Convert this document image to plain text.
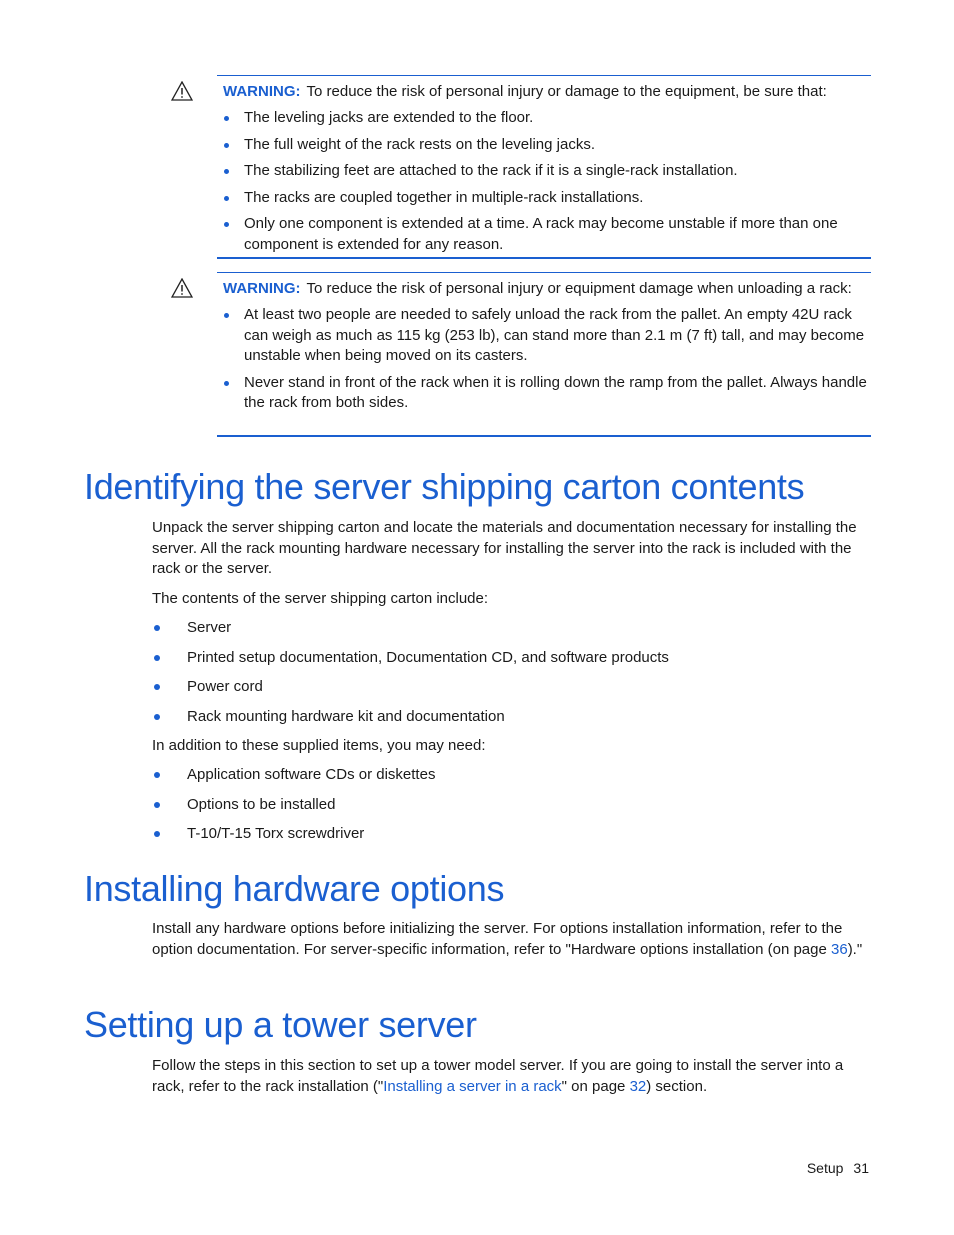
WARNING: To reduce the risk of personal injury or damage to the equipment, be sure that:

The leveling jacks are extended to the floor.
The full weight of the rack rests on the leveling jacks.
The stabilizing feet are attached to the rack if it is a single-rack installation.
The racks are coupled together in multiple-rack installations.
Only one component is extended at a time. A rack may become unstable if more than one component is extended for any reason.

WARNING: To reduce the risk of personal injury or equipment damage when unloading a rack:

At least two people are needed to safely unload the rack from the pallet. An empty 42U rack can weigh as much as 115 kg (253 lb), can stand more than 2.1 m (7 ft) tall, and may become unstable when being moved on its casters.
Never stand in front of the rack when it is rolling down the ramp from the pallet. Always handle the rack from both sides.
Identifying the server shipping carton contents

Unpack the server shipping carton and locate the materials and documentation necessary for installing the server. All the rack mounting hardware necessary for installing the server into the rack is included with the rack or the server.

The contents of the server shipping carton include:

Server
Printed setup documentation, Documentation CD, and software products
Power cord
Rack mounting hardware kit and documentation

In addition to these supplied items, you may need:

Application software CDs or diskettes
Options to be installed
T-10/T-15 Torx screwdriver
Installing hardware options

Install any hardware options before initializing the server. For options installation information, refer to the option documentation. For server-specific information, refer to "Hardware options installation (on page 36)."

Setting up a tower server

Follow the steps in this section to set up a tower model server. If you are going to install the server into a rack, refer to the rack installation ("Installing a server in a rack" on page 32) section.

Setup 31
